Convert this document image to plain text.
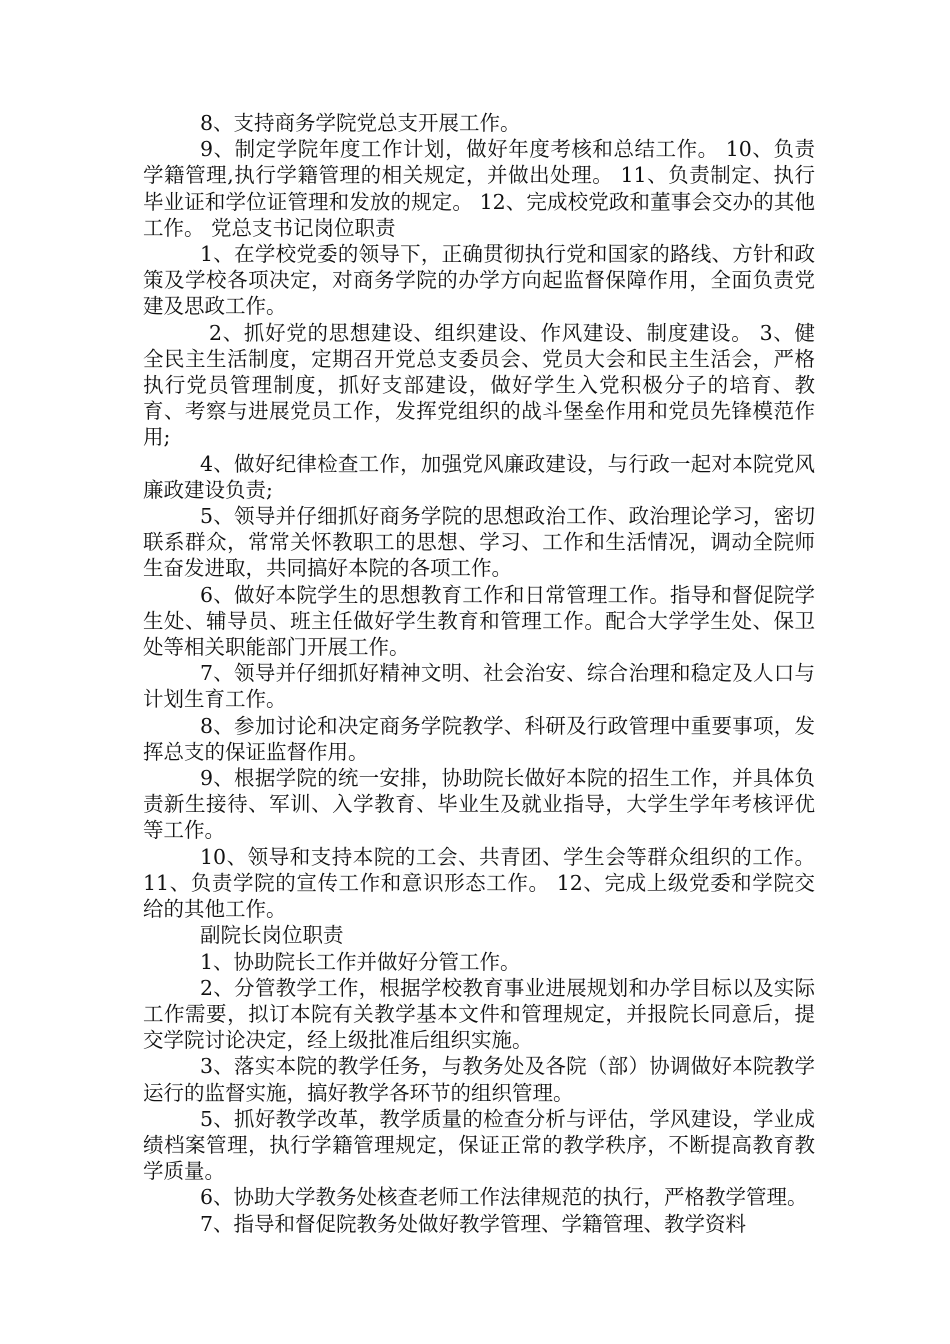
8、支持商务学院党总支开展工作。

9、制定学院年度工作计划，做好年度考核和总结工作。 10、负责学籍管理,执行学籍管理的相关规定，并做出处理。 11、负责制定、执行毕业证和学位证管理和发放的规定。 12、完成校党政和董事会交办的其他工作。 党总支书记岗位职责

1、在学校党委的领导下，正确贯彻执行党和国家的路线、方针和政策及学校各项决定，对商务学院的办学方向起监督保障作用，全面负责党建及思政工作。

2、抓好党的思想建设、组织建设、作风建设、制度建设。 3、健全民主生活制度，定期召开党总支委员会、党员大会和民主生活会，严格执行党员管理制度，抓好支部建设，做好学生入党积极分子的培育、教育、考察与进展党员工作，发挥党组织的战斗堡垒作用和党员先锋模范作用;

4、做好纪律检查工作，加强党风廉政建设，与行政一起对本院党风廉政建设负责;

5、领导并仔细抓好商务学院的思想政治工作、政治理论学习，密切联系群众，常常关怀教职工的思想、学习、工作和生活情况，调动全院师生奋发进取，共同搞好本院的各项工作。

6、做好本院学生的思想教育工作和日常管理工作。指导和督促院学生处、辅导员、班主任做好学生教育和管理工作。配合大学学生处、保卫处等相关职能部门开展工作。

7、领导并仔细抓好精神文明、社会治安、综合治理和稳定及人口与计划生育工作。

8、参加讨论和决定商务学院教学、科研及行政管理中重要事项，发挥总支的保证监督作用。

9、根据学院的统一安排，协助院长做好本院的招生工作，并具体负责新生接待、军训、入学教育、毕业生及就业指导，大学生学年考核评优等工作。

10、领导和支持本院的工会、共青团、学生会等群众组织的工作。 11、负责学院的宣传工作和意识形态工作。 12、完成上级党委和学院交给的其他工作。

副院长岗位职责

1、协助院长工作并做好分管工作。

2、分管教学工作，根据学校教育事业进展规划和办学目标以及实际工作需要，拟订本院有关教学基本文件和管理规定，并报院长同意后，提交学院讨论决定，经上级批准后组织实施。

3、落实本院的教学任务，与教务处及各院（部）协调做好本院教学运行的监督实施，搞好教学各环节的组织管理。

5、抓好教学改革，教学质量的检查分析与评估，学风建设，学业成绩档案管理，执行学籍管理规定，保证正常的教学秩序，不断提高教育教学质量。

6、协助大学教务处核查老师工作法律规范的执行，严格教学管理。

7、指导和督促院教务处做好教学管理、学籍管理、教学资料
